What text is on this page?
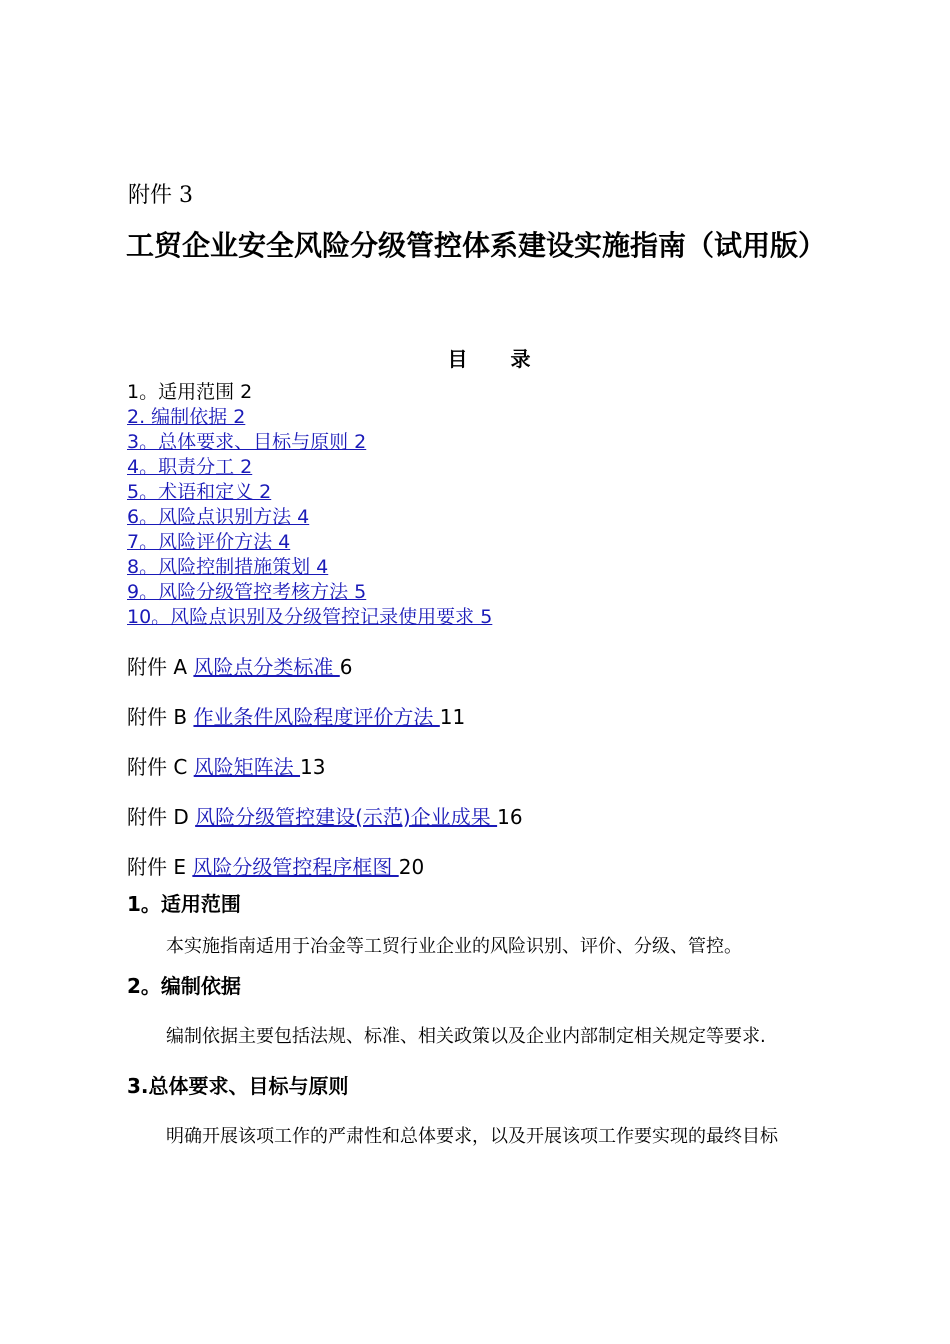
附件 3
工贸企业安全风险分级管控体系建设实施指南（试用版）
目 录
1。适用范围 2
2. 编制依据 2
3。总体要求、目标与原则 2
4。职责分工 2
5。术语和定义 2
6。风险点识别方法 4
7。风险评价方法 4
8。风险控制措施策划 4
9。风险分级管控考核方法 5
10。风险点识别及分级管控记录使用要求 5
附件 A 风险点分类标准 6
附件 B 作业条件风险程度评价方法 11
附件 C 风险矩阵法 13
附件 D 风险分级管控建设(示范)企业成果 16
附件 E 风险分级管控程序框图 20
1。适用范围
本实施指南适用于冶金等工贸行业企业的风险识别、评价、分级、管控。
2。编制依据
编制依据主要包括法规、标准、相关政策以及企业内部制定相关规定等要求.
3.总体要求、目标与原则
明确开展该项工作的严肃性和总体要求，以及开展该项工作要实现的最终目标
